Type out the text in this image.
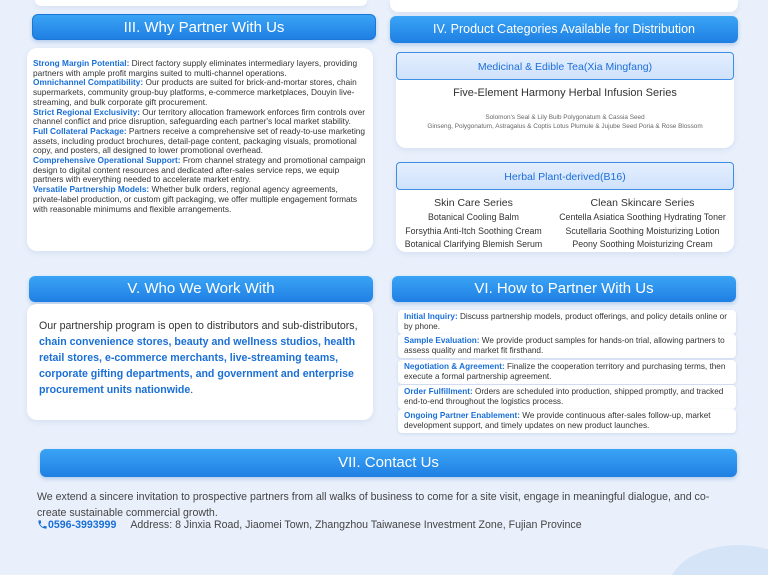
III. Why Partner With Us
Strong Margin Potential: Direct factory supply eliminates intermediary layers, providing partners with ample profit margins suited to multi-channel operations.
Omnichannel Compatibility: Our products are suited for brick-and-mortar stores, chain supermarkets, community group-buy platforms, e-commerce marketplaces, Douyin live-streaming, and bulk corporate gift procurement.
Strict Regional Exclusivity: Our territory allocation framework enforces firm controls over channel conflict and price disruption, safeguarding each partner's local market stability.
Full Collateral Package: Partners receive a comprehensive set of ready-to-use marketing assets, including product brochures, detail-page content, packaging visuals, promotional copy, and posters, all designed to lower promotional overhead.
Comprehensive Operational Support: From channel strategy and promotional campaign design to digital content resources and dedicated after-sales service reps, we equip partners with everything needed to accelerate market entry.
Versatile Partnership Models: Whether bulk orders, regional agency agreements, private-label production, or custom gift packaging, we offer multiple engagement formats with reasonable minimums and flexible arrangements.
IV. Product Categories Available for Distribution
Medicinal & Edible Tea(Xia Mingfang)
Five-Element Harmony Herbal Infusion Series
Solomon's Seal & Lily Bulb Polygonatum & Cassia Seed
Ginseng, Polygonatum, Astragalus & Coptis Lotus Plumule & Jujube Seed Poria & Rose Blossom
Herbal Plant-derived(B16)
Skin Care Series
Botanical Cooling Balm
Forsythia Anti-Itch Soothing Cream
Botanical Clarifying Blemish Serum
Clean Skincare Series
Centella Asiatica Soothing Hydrating Toner
Scutellaria Soothing Moisturizing Lotion
Peony Soothing Moisturizing Cream
V. Who We Work With

Our partnership program is open to distributors and sub-distributors, chain convenience stores, beauty and wellness studios, health retail stores, e-commerce merchants, live-streaming teams, corporate gifting departments, and government and enterprise procurement units nationwide.

VI. How to Partner With Us
Initial Inquiry: Discuss partnership models, product offerings, and policy details online or by phone.
Sample Evaluation: We provide product samples for hands-on trial, allowing partners to assess quality and market fit firsthand.
Negotiation & Agreement: Finalize the cooperation territory and purchasing terms, then execute a formal partnership agreement.
Order Fulfillment: Orders are scheduled into production, shipped promptly, and tracked end-to-end throughout the logistics process.
Ongoing Partner Enablement: We provide continuous after-sales follow-up, market development support, and timely updates on new product launches.
VII. Contact Us

We extend a sincere invitation to prospective partners from all walks of business to come for a site visit, engage in meaningful dialogue, and co-create sustainable commercial growth.

0596-3993999 Address: 8 Jinxia Road, Jiaomei Town, Zhangzhou Taiwanese Investment Zone, Fujian Province
